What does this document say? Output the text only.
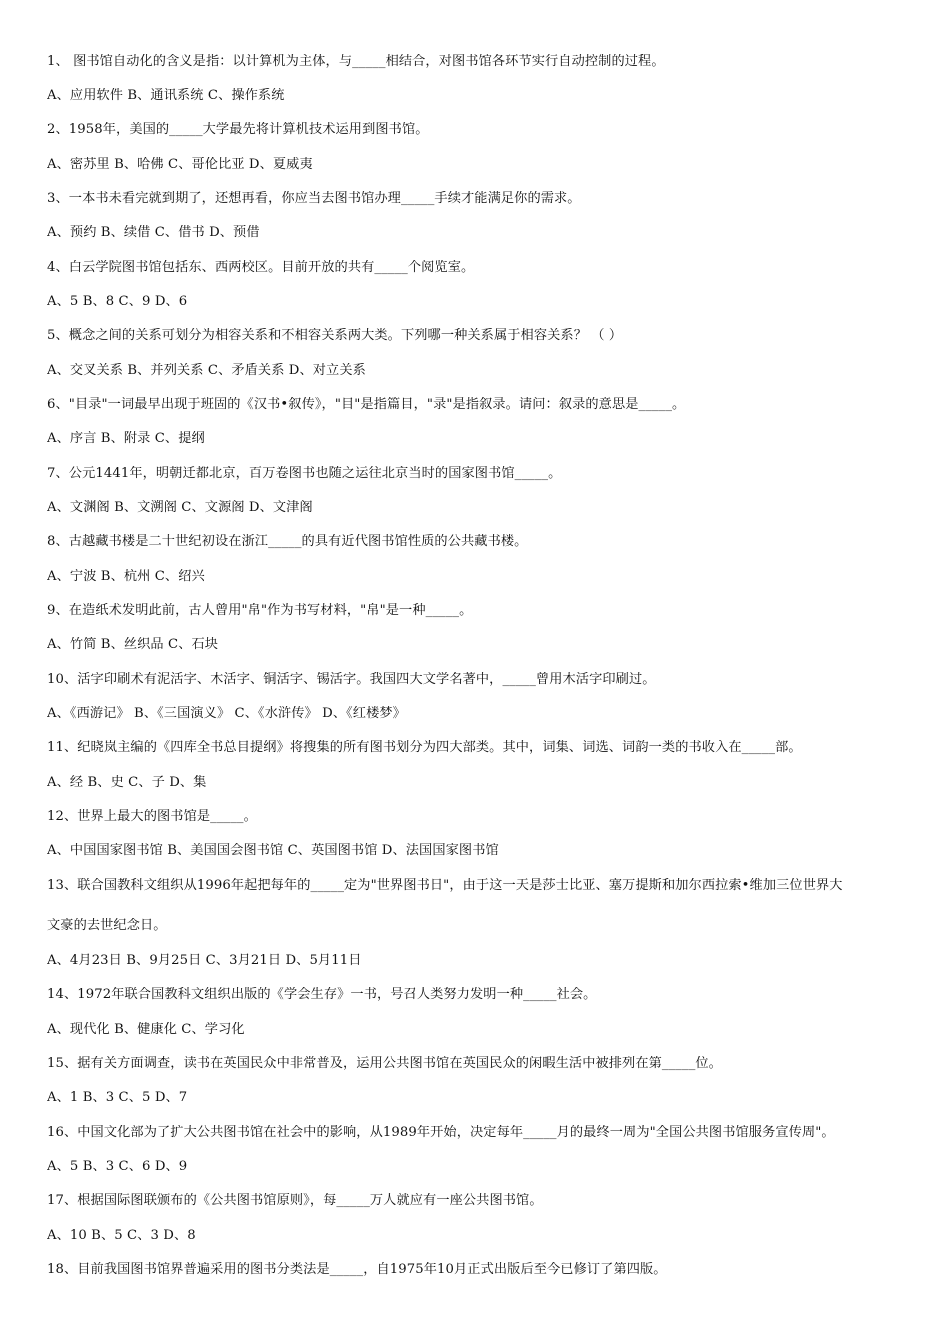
1、 图书馆自动化的含义是指：以计算机为主体，与_____相结合，对图书馆各环节实行自动控制的过程。
A、应用软件 B、通讯系统 C、操作系统
2、1958年，美国的_____大学最先将计算机技术运用到图书馆。
A、密苏里 B、哈佛 C、哥伦比亚 D、夏威夷
3、一本书未看完就到期了，还想再看，你应当去图书馆办理_____手续才能满足你的需求。
A、预约 B、续借 C、借书 D、预借
4、白云学院图书馆包括东、西两校区。目前开放的共有_____个阅览室。
A、5 B、8 C、9 D、6
5、概念之间的关系可划分为相容关系和不相容关系两大类。下列哪一种关系属于相容关系？ （ ）
A、交叉关系 B、并列关系 C、矛盾关系 D、对立关系
6、"目录"一词最早出现于班固的《汉书•叙传》，"目"是指篇目，"录"是指叙录。请问：叙录的意思是_____。
A、序言 B、附录 C、提纲
7、公元1441年，明朝迁都北京，百万卷图书也随之运往北京当时的国家图书馆_____。
A、文渊阁 B、文溯阁 C、文源阁 D、文津阁
8、古越藏书楼是二十世纪初设在浙江_____的具有近代图书馆性质的公共藏书楼。
A、宁波 B、杭州 C、绍兴
9、在造纸术发明此前，古人曾用"帛"作为书写材料，"帛"是一种_____。
A、竹简 B、丝织品 C、石块
10、活字印刷术有泥活字、木活字、铜活字、锡活字。我国四大文学名著中，_____曾用木活字印刷过。
A、《西游记》 B、《三国演义》 C、《水浒传》 D、《红楼梦》
11、纪晓岚主编的《四库全书总目提纲》将搜集的所有图书划分为四大部类。其中，词集、词选、词韵一类的书收入在_____部。
A、经 B、史 C、子 D、集
12、世界上最大的图书馆是_____。
A、中国国家图书馆 B、美国国会图书馆 C、英国图书馆 D、法国国家图书馆
13、联合国教科文组织从1996年起把每年的_____定为"世界图书日"，由于这一天是莎士比亚、塞万提斯和加尔西拉索•维加三位世界大
文豪的去世纪念日。
A、4月23日 B、9月25日 C、3月21日 D、5月11日
14、1972年联合国教科文组织出版的《学会生存》一书，号召人类努力发明一种_____社会。
A、现代化 B、健康化 C、学习化
15、据有关方面调查，读书在英国民众中非常普及，运用公共图书馆在英国民众的闲暇生活中被排列在第_____位。
A、1 B、3 C、5 D、7
16、中国文化部为了扩大公共图书馆在社会中的影响，从1989年开始，决定每年_____月的最终一周为"全国公共图书馆服务宣传周"。
A、5 B、3 C、6 D、9
17、根据国际图联颁布的《公共图书馆原则》，每_____万人就应有一座公共图书馆。
A、10 B、5 C、3 D、8
18、目前我国图书馆界普遍采用的图书分类法是_____，自1975年10月正式出版后至今已修订了第四版。
